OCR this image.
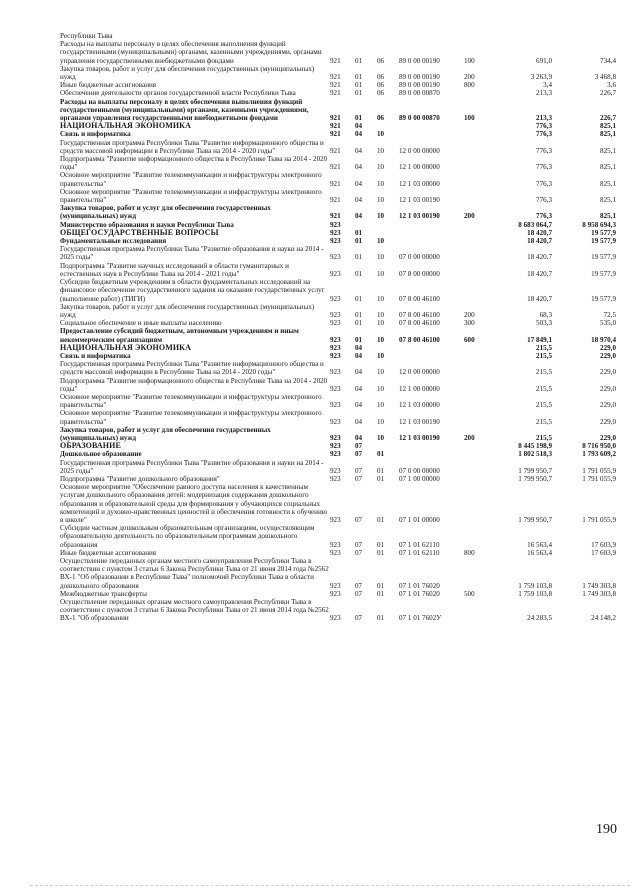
Республики Тыва
Расходы на выплаты персоналу в целях обеспечения выполнения функций государственными (муниципальными) органами, казенными учреждениями, органами управления государственными внебюджетными фондами	921	01	06	89 0 00 00190	100	691,0	734,4
Закупка товаров, работ и услуг для обеспечения государственных (муниципальных) нужд	921	01	06	89 0 00 00190	200	3 263,9	3 468,8
Иные бюджетные ассигнования	921	01	06	89 0 00 00190	800	3,4	3,6
Обеспечение деятельности органов государственной власти Республики Тыва	921	01	06	89 0 00 00870		213,3	226,7
Расходы на выплаты персоналу в целях обеспечения выполнения функций государственными (муниципальными) органами, казенными учреждениями, органами управления государственными внебюджетными фондами	921	01	06	89 0 00 00870	100	213,3	226,7
НАЦИОНАЛЬНАЯ ЭКОНОМИКА	921	04				776,3	825,1
Связь и информатика	921	04	10			776,3	825,1
Государственная программа Республики Тыва "Развитие информационного общества и средств массовой информации в Республике Тыва на 2014 - 2020 годы"	921	04	10	12 0 00 00000		776,3	825,1
Подпрограмма "Развитие информационного общества в Республике Тыва на 2014 - 2020 годы"	921	04	10	12 1 00 00000		776,3	825,1
Основное мероприятие "Развитие телекоммуникации и инфраструктуры электронного правительства"	921	04	10	12 1 03 00000		776,3	825,1
Основное мероприятие "Развитие телекоммуникации и инфраструктуры электронного правительства"	921	04	10	12 1 03 00190		776,3	825,1
Закупка товаров, работ и услуг для обеспечения государственных (муниципальных) нужд	921	04	10	12 1 03 00190	200	776,3	825,1
Министерство образования и науки Республики Тыва	923					8 683 064,7	8 958 694,3
ОБЩЕГОСУДАРСТВЕННЫЕ ВОПРОСЫ	923	01				18 420,7	19 577,9
Фундаментальные исследования	923	01	10			18 420,7	19 577,9
Государственная программа Республики Тыва "Развитие образования и науки на 2014 - 2025 годы"	923	01	10	07 0 00 00000		18 420,7	19 577,9
Подпрограмма "Развитие научных исследований в области гуманитарных и естественных наук в Республике Тыва на 2014 - 2021 годы"	923	01	10	07 8 00 00000		18 420,7	19 577,9
Субсидии бюджетным учреждениям в области фундаментальных исследований на финансовое обеспечение государственного задания на оказание государственных услуг (выполнение работ) (ТИГИ)	923	01	10	07 8 00 46100		18 420,7	19 577,9
Закупка товаров, работ и услуг для обеспечения государственных (муниципальных) нужд	923	01	10	07 8 00 46100	200	68,3	72,5
Социальное обеспечение и иные выплаты населению	923	01	10	07 8 00 46100	300	503,3	535,0
Предоставление субсидий бюджетным, автономным учреждениям и иным некоммерческим организациям	923	01	10	07 8 00 46100	600	17 849,1	18 970,4
НАЦИОНАЛЬНАЯ ЭКОНОМИКА	923	04				215,5	229,0
Связь и информатика	923	04	10			215,5	229,0
Государственная программа Республики Тыва "Развитие информационного общества и средств массовой информации в Республике Тыва на 2014 - 2020 годы"	923	04	10	12 0 00 00000		215,5	229,0
Подпрограмма "Развитие информационного общества в Республике Тыва на 2014 - 2020 годы"	923	04	10	12 1 00 00000		215,5	229,0
Основное мероприятие "Развитие телекоммуникации и инфраструктуры электронного правительства"	923	04	10	12 1 03 00000		215,5	229,0
Основное мероприятие "Развитие телекоммуникации и инфраструктуры электронного правительства"	923	04	10	12 1 03 00190		215,5	229,0
Закупка товаров, работ и услуг для обеспечения государственных (муниципальных) нужд	923	04	10	12 1 03 00190	200	215,5	229,0
ОБРАЗОВАНИЕ	923	07				8 445 198,9	8 716 950,0
Дошкольное образование	923	07	01			1 802 518,3	1 793 609,2
Государственная программа Республики Тыва "Развитие образования и науки на 2014 - 2025 годы"	923	07	01	07 0 00 00000		1 799 950,7	1 791 055,9
Подпрограмма "Развитие дошкольного образования"	923	07	01	07 1 00 00000		1 799 950,7	1 791 055,9
Основное мероприятие "Обеспечение равного доступа населения к качественным услугам дошкольного образования детей: модернизация содержания дошкольного образования и образовательной среды для формирования у обучающихся социальных компетенций и духовно-нравственных ценностей и обеспечения готовности к обучению в школе"	923	07	01	07 1 01 00000		1 799 950,7	1 791 055,9
Субсидии частным дошкольным образовательным организациям, осуществляющим образовательную деятельность по образовательным программам дошкольного образования	923	07	01	07 1 01 62110		16 563,4	17 603,9
Иные бюджетные ассигнования	923	07	01	07 1 01 62110	800	16 563,4	17 603,9
Осуществление переданных органам местного самоуправления Республики Тыва в соответствии с пунктом 3 статьи 6 Закона Республики Тыва от 21 июня 2014 года №2562 ВХ-1 "Об образовании в Республике Тыва" полномочий Республики Тыва в области дошкольного образования	923	07	01	07 1 01 76020		1 759 103,8	1 749 303,8
Межбюджетные трансферты	923	07	01	07 1 01 76020	500	1 759 103,8	1 749 303,8
Осуществление переданных органам местного самоуправления Республики Тыва в соответствии с пунктом 3 статьи 6 Закона Республики Тыва от 21 июня 2014 года №2562 ВХ-1 "Об образовании	923	07	01	07 1 01 7602У		24 283,5	24 148,2
190
